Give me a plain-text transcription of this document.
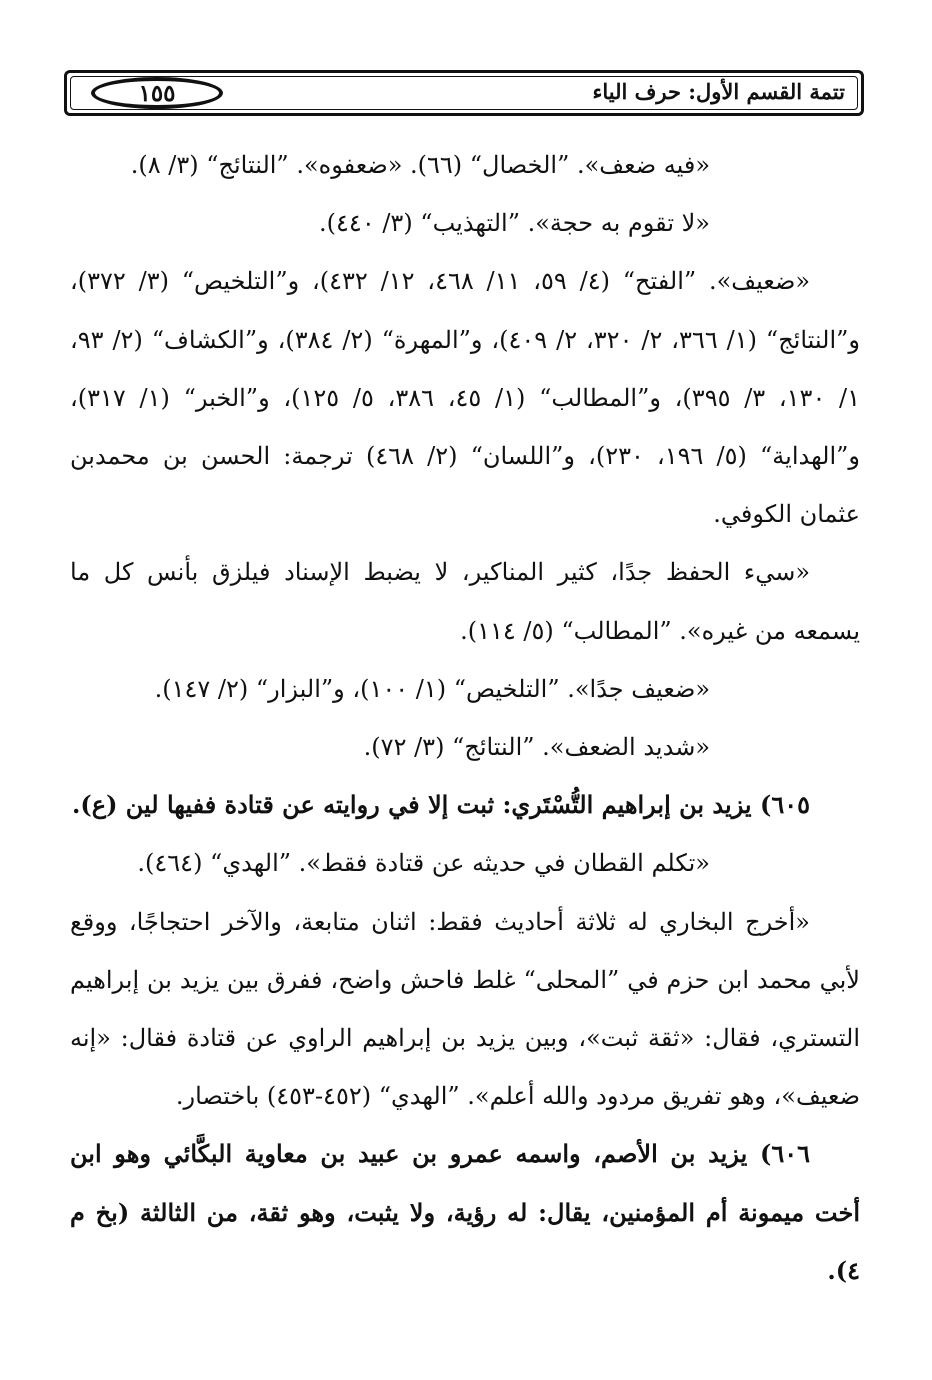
تتمة القسم الأول: حرف الياء
١٥٥

«فيه ضعف». ”الخصال“ (٦٦). «ضعفوه». ”النتائج“ (٣/ ٨).

«لا تقوم به حجة». ”التهذيب“ (٣/ ٤٤٠).

«ضعيف». ”الفتح“ (٤/ ٥٩، ١١/ ٤٦٨، ١٢/ ٤٣٢)، و”التلخيص“ (٣/ ٣٧٢)، و”النتائج“ (١/ ٣٦٦، ٢/ ٣٢٠، ٢/ ٤٠٩)، و”المهرة“ (٢/ ٣٨٤)، و”الكشاف“ (٢/ ٩٣، ١/ ١٣٠، ٣/ ٣٩٥)، و”المطالب“ (١/ ٤٥، ٣٨٦، ٥/ ١٢٥)، و”الخبر“ (١/ ٣١٧)، و”الهداية“ (٥/ ١٩٦، ٢٣٠)، و”اللسان“ (٢/ ٤٦٨) ترجمة: الحسن بن محمدبن عثمان الكوفي.

«سيء الحفظ جدًا، كثير المناكير، لا يضبط الإسناد فيلزق بأنس كل ما يسمعه من غيره». ”المطالب“ (٥/ ١١٤).

«ضعيف جدًا». ”التلخيص“ (١/ ١٠٠)، و”البزار“ (٢/ ١٤٧).

«شديد الضعف». ”النتائج“ (٣/ ٧٢).

٦٠٥) يزيد بن إبراهيم التُّسْتَري: ثبت إلا في روايته عن قتادة ففيها لين (ع).

«تكلم القطان في حديثه عن قتادة فقط». ”الهدي“ (٤٦٤).

«أخرج البخاري له ثلاثة أحاديث فقط: اثنان متابعة، والآخر احتجاجًا، ووقع لأبي محمد ابن حزم في ”المحلى“ غلط فاحش واضح، ففرق بين يزيد بن إبراهيم التستري، فقال: «ثقة ثبت»، وبين يزيد بن إبراهيم الراوي عن قتادة فقال: «إنه ضعيف»، وهو تفريق مردود والله أعلم». ”الهدي“ (٤٥٢-٤٥٣) باختصار.

٦٠٦) يزيد بن الأصم، واسمه عمرو بن عبيد بن معاوية البكَّائي وهو ابن أخت ميمونة أم المؤمنين، يقال: له رؤية، ولا يثبت، وهو ثقة، من الثالثة (بخ م ٤).
